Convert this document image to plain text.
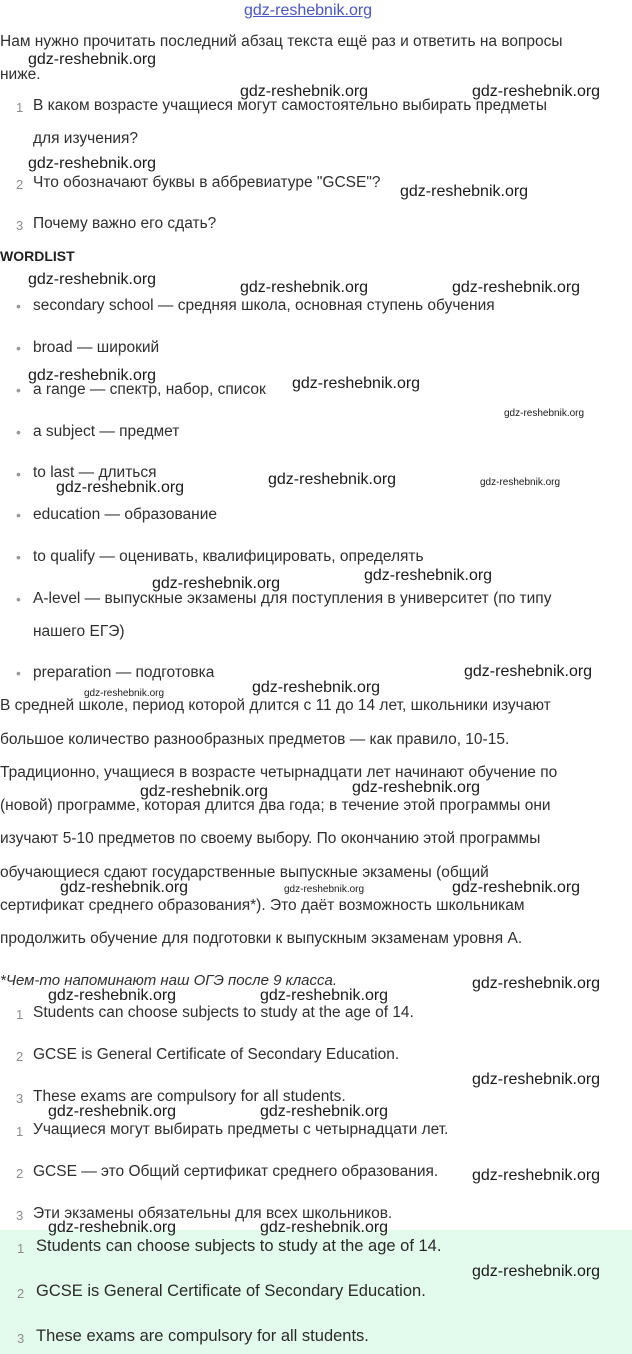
gdz-reshebnik.org
Нам нужно прочитать последний абзац текста ещё раз и ответить на вопросы
ниже.
1 В каком возрасте учащиеся могут самостоятельно выбирать предметы
для изучения?
2 Что обозначают буквы в аббревиатуре "GCSE"?
3 Почему важно его сдать?
WORDLIST
• secondary school — средняя школа, основная ступень обучения
• broad — широкий
• a range — спектр, набор, список
• a subject — предмет
• to last — длиться
• education — образование
• to qualify — оценивать, квалифицировать, определять
• A-level — выпускные экзамены для поступления в университет (по типу
нашего ЕГЭ)
• preparation — подготовка
В средней школе, период которой длится с 11 до 14 лет, школьники изучают
большое количество разнообразных предметов — как правило, 10-15.
Традиционно, учащиеся в возрасте четырнадцати лет начинают обучение по
(новой) программе, которая длится два года; в течение этой программы они
изучают 5-10 предметов по своему выбору. По окончанию этой программы
обучающиеся сдают государственные выпускные экзамены (общий
сертификат среднего образования*). Это даёт возможность школьникам
продолжить обучение для подготовки к выпускным экзаменам уровня A.
*Чем-то напоминают наш ОГЭ после 9 класса.
1 Students can choose subjects to study at the age of 14.
2 GCSE is General Certificate of Secondary Education.
3 These exams are compulsory for all students.
1 Учащиеся могут выбирать предметы с четырнадцати лет.
2 GCSE — это Общий сертификат среднего образования.
3 Эти экзамены обязательны для всех школьников.
1 Students can choose subjects to study at the age of 14.
2 GCSE is General Certificate of Secondary Education.
3 These exams are compulsory for all students.
gdz-reshebnik.org
gdz-reshebnik.org	gdz-reshebnik.org
gdz-reshebnik.org
gdz-reshebnik.org
gdz-reshebnik.org	gdz-reshebnik.org	gdz-reshebnik.org
gdz-reshebnik.org	gdz-reshebnik.org
gdz-reshebnik.org
gdz-reshebnik.org	gdz-reshebnik.org
gdz-reshebnik.org
gdz-reshebnik.org
gdz-reshebnik.org
gdz-reshebnik.org
gdz-reshebnik.org
gdz-reshebnik.org
gdz-reshebnik.org
gdz-reshebnik.org
gdz-reshebnik.org	gdz-reshebnik.org	gdz-reshebnik.org
gdz-reshebnik.org
gdz-reshebnik.org	gdz-reshebnik.org
gdz-reshebnik.org
gdz-reshebnik.org	gdz-reshebnik.org
gdz-reshebnik.org
gdz-reshebnik.org	gdz-reshebnik.org
gdz-reshebnik.org
